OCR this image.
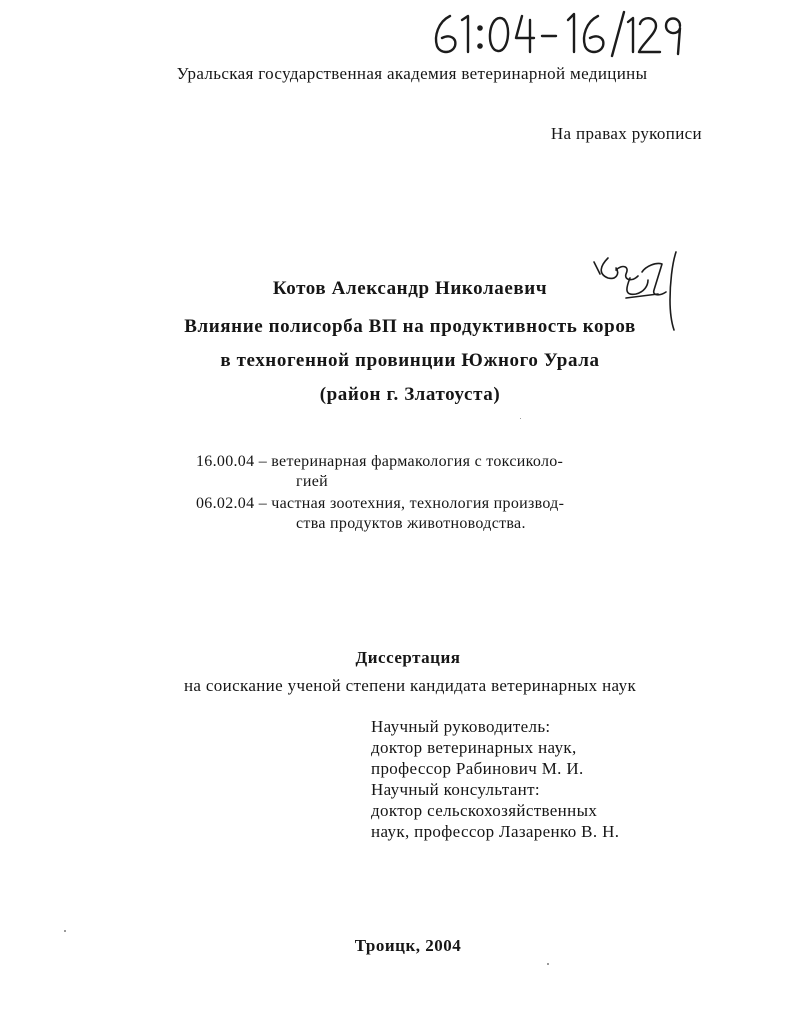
Уральская государственная академия ветеринарной медицины
На правах рукописи
Котов Александр Николаевич
Влияние полисорба ВП на продуктивность коров
в техногенной провинции Южного Урала
(район г. Златоуста)
16.00.04 – ветеринарная фармакология с токсиколо-
гией
06.02.04 – частная зоотехния, технология производ-
ства продуктов животноводства.
Диссертация
на соискание ученой степени кандидата ветеринарных наук
Научный руководитель:
доктор ветеринарных наук,
профессор Рабинович М. И.
Научный консультант:
доктор сельскохозяйственных
наук, профессор Лазаренко В. Н.
Троицк, 2004
